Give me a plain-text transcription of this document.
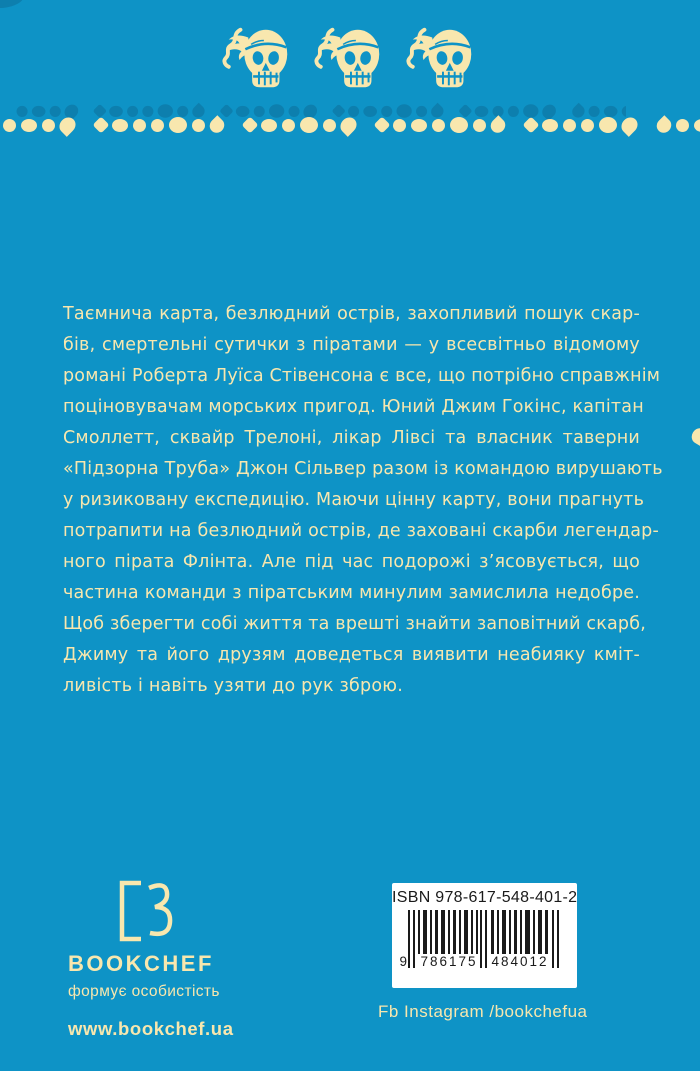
Таємнича карта, безлюдний острів, захопливий пошук скар-
бів, смертельні сутички з піратами — у всесвітньо відомому
романі Роберта Луїса Стівенсона є все, що потрібно справжнім
поціновувачам морських пригод. Юний Джим Гокінс, капітан
Смоллетт, сквайр Трелоні, лікар Лівсі та власник таверни
«Підзорна Труба» Джон Сільвер разом із командою вирушають
у ризиковану експедицію. Маючи цінну карту, вони прагнуть
потрапити на безлюдний острів, де заховані скарби легендар-
ного пірата Флінта. Але під час подорожі з’ясовується, що
частина команди з піратським минулим замислила недобре.
Щоб зберегти собі життя та врешті знайти заповітний скарб,
Джиму та його друзям доведеться виявити неабияку кміт-
ливість і навіть узяти до рук зброю.
BOOKCHEF
формує особистість
www.bookchef.ua
ISBN 978-617-548-401-2
9 786175 484012
Fb Instagram /bookchefua
